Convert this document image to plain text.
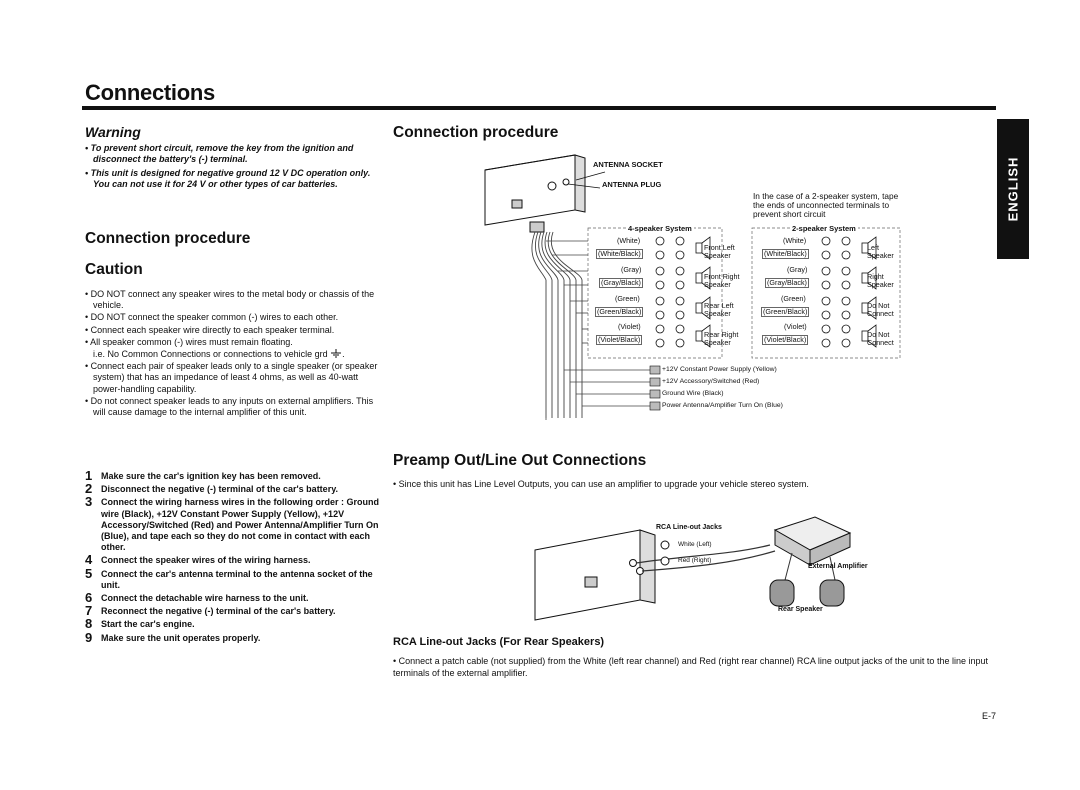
Connections
ENGLISH
Warning
• To prevent short circuit, remove the key from the ignition and disconnect the battery's (-) terminal.
• This unit is designed for negative ground 12 V DC operation only. You can not use it for 24 V or other types of car batteries.
Connection procedure
Caution
• DO NOT connect any speaker wires to the metal body or chassis of the vehicle.
• DO NOT connect the speaker common (-) wires to each other.
• Connect each speaker wire directly to each speaker terminal.
• All speaker common (-) wires must remain floating.
i.e. No Common Connections or connections to vehicle grd .
• Connect each pair of speaker leads only to a single speaker (or speaker system) that has an impedance of least 4 ohms, as well as 40-watt power-handling capability.
• Do not connect speaker leads to any inputs on external amplifiers. This will cause damage to the internal amplifier of this unit.
1 Make sure the car's ignition key has been removed.
2 Disconnect the negative (-) terminal of the car's battery.
3 Connect the wiring harness wires in the following order : Ground wire (Black), +12V Constant Power Supply (Yellow), +12V Accessory/Switched (Red) and Power Antenna/Amplifier Turn On (Blue), and tape each so they do not come in contact with each other.
4 Connect the speaker wires of the wiring harness.
5 Connect the car's antenna terminal to the antenna socket of the unit.
6 Connect the detachable wire harness to the unit.
7 Reconnect the negative (-) terminal of the car's battery.
8 Start the car's engine.
9 Make sure the unit operates properly.
Connection procedure
ANTENNA SOCKET
ANTENNA PLUG
In the case of a 2-speaker system, tape the ends of unconnected terminals to prevent short circuit
4-speaker System	2-speaker System
(White)
(White/Black)
(Gray)
(Gray/Black)
(Green)
(Green/Black)
(Violet)
(Violet/Black)
Front Left Speaker
Front Right Speaker
Rear Left Speaker
Rear Right Speaker
(White)
(White/Black)
(Gray)
(Gray/Black)
(Green)
(Green/Black)
(Violet)
(Violet/Black)
Left Speaker
Right Speaker
Do Not Connect
Do Not Connect
+12V Constant Power Supply (Yellow)
+12V Accessory/Switched (Red)
Ground Wire (Black)
Power Antenna/Amplifier Turn On (Blue)
Preamp Out/Line Out Connections
• Since this unit has Line Level Outputs, you can use an amplifier to upgrade your vehicle stereo system.
RCA Line-out Jacks
White (Left)
Red (Right)
External Amplifier
Rear Speaker
RCA Line-out Jacks (For Rear Speakers)
• Connect a patch cable (not supplied) from the White (left rear channel) and Red (right rear channel) RCA line output jacks of the unit to the line input terminals of the external amplifier.
E-7
